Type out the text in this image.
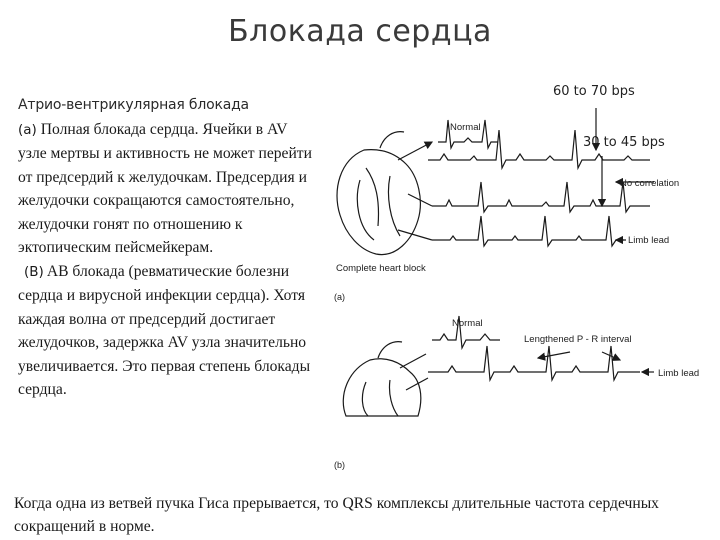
Блокада сердца
Атрио-вентрикулярная блокада
(а) Полная блокада сердца. Ячейки в AV узле мертвы и активность не может перейти от предсердий к желудочкам. Предсердия и желудочки сокращаются самостоятельно, желудочки гонят по отношению к эктопическим пейсмейкерам.
(B) AB блокада (ревматические болезни сердца и вирусной инфекции сердца). Хотя каждая волна от предсердий достигает желудочков, задержка AV узла значительно увеличивается. Это первая степень блокады сердца.
60 to 70 bps
30 to 45 bps
Normal
No correlation
Limb lead
Complete heart block
(a)
Normal
Lengthened P - R interval
Limb lead
(b)
Когда одна из ветвей пучка Гиса прерывается, то QRS комплексы длительные частота сердечных сокращений в норме.
